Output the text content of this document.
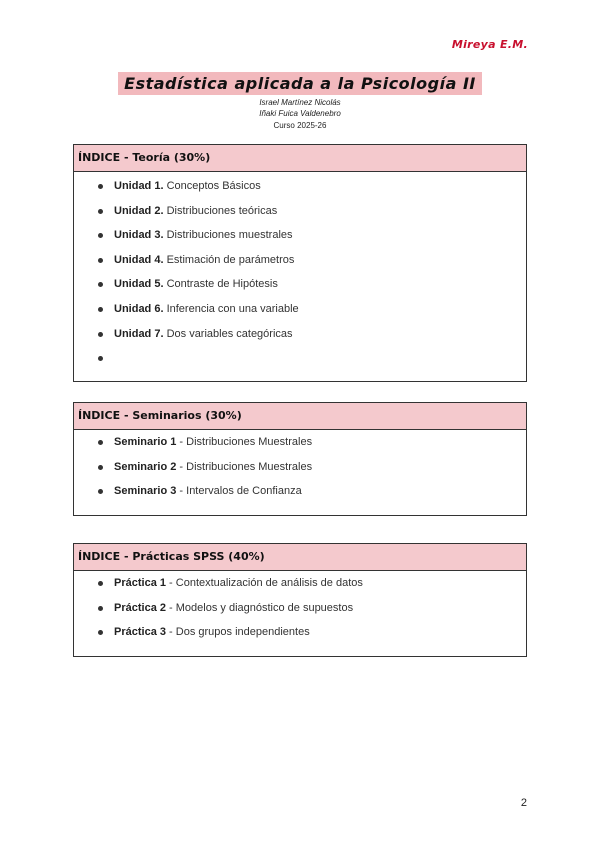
Mireya E.M.
Estadística aplicada a la Psicología II
Israel Martínez Nicolás
Iñaki Fuica Valdenebro
Curso 2025-26
ÍNDICE - Teoría (30%)
Unidad 1. Conceptos Básicos
Unidad 2. Distribuciones teóricas
Unidad 3. Distribuciones muestrales
Unidad 4. Estimación de parámetros
Unidad 5. Contraste de Hipótesis
Unidad 6. Inferencia con una variable
Unidad 7. Dos variables categóricas
ÍNDICE - Seminarios (30%)
Seminario 1 - Distribuciones Muestrales
Seminario 2 - Distribuciones Muestrales
Seminario 3 - Intervalos de Confianza
ÍNDICE - Prácticas SPSS (40%)
Práctica 1 - Contextualización de análisis de datos
Práctica 2 - Modelos y diagnóstico de supuestos
Práctica 3 - Dos grupos independientes
2
